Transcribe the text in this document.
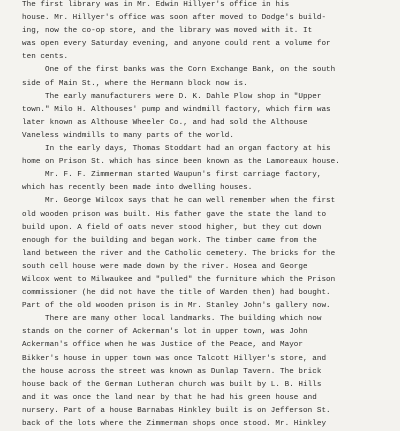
The first library was in Mr. Edwin Hillyer's office in his
house. Mr. Hillyer's office was soon after moved to Dodge's build-
ing, now the co-op store, and the library was moved with it. It
was open every Saturday evening, and anyone could rent a volume for
ten cents.
One of the first banks was the Corn Exchange Bank, on the south
side of Main St., where the Hermann block now is.
The early manufacturers were D. K. Dahle Plow shop in "Upper
town." Milo H. Althouses' pump and windmill factory, which firm was
later known as Althouse Wheeler Co., and had sold the Althouse
Vaneless windmills to many parts of the world.
In the early days, Thomas Stoddart had an organ factory at his
home on Prison St. which has since been known as the Lamoreaux house.
Mr. F. F. Zimmerman started Waupun's first carriage factory,
which has recently been made into dwelling houses.
Mr. George Wilcox says that he can well remember when the first
old wooden prison was built. His father gave the state the land to
build upon. A field of oats never stood higher, but they cut down
enough for the building and began work. The timber came from the
land between the river and the Catholic cemetery. The bricks for the
south cell house were made down by the river. Hosea and George
Wilcox went to Milwaukee and "pulled" the furniture which the Prison
commissioner (he did not have the title of Warden then) had bought.
Part of the old wooden prison is in Mr. Stanley John's gallery now.
There are many other local landmarks. The building which now
stands on the corner of Ackerman's lot in upper town, was John
Ackerman's office when he was Justice of the Peace, and Mayor
Bikker's house in upper town was once Talcott Hillyer's store, and
the house across the street was known as Dunlap Tavern. The brick
house back of the German Lutheran church was built by L. B. Hills
and it was once the land near by that he had his green house and
nursery. Part of a house Barnabas Hinkley built is on Jefferson St.
back of the lots where the Zimmerman shops once stood. Mr. Hinkley
